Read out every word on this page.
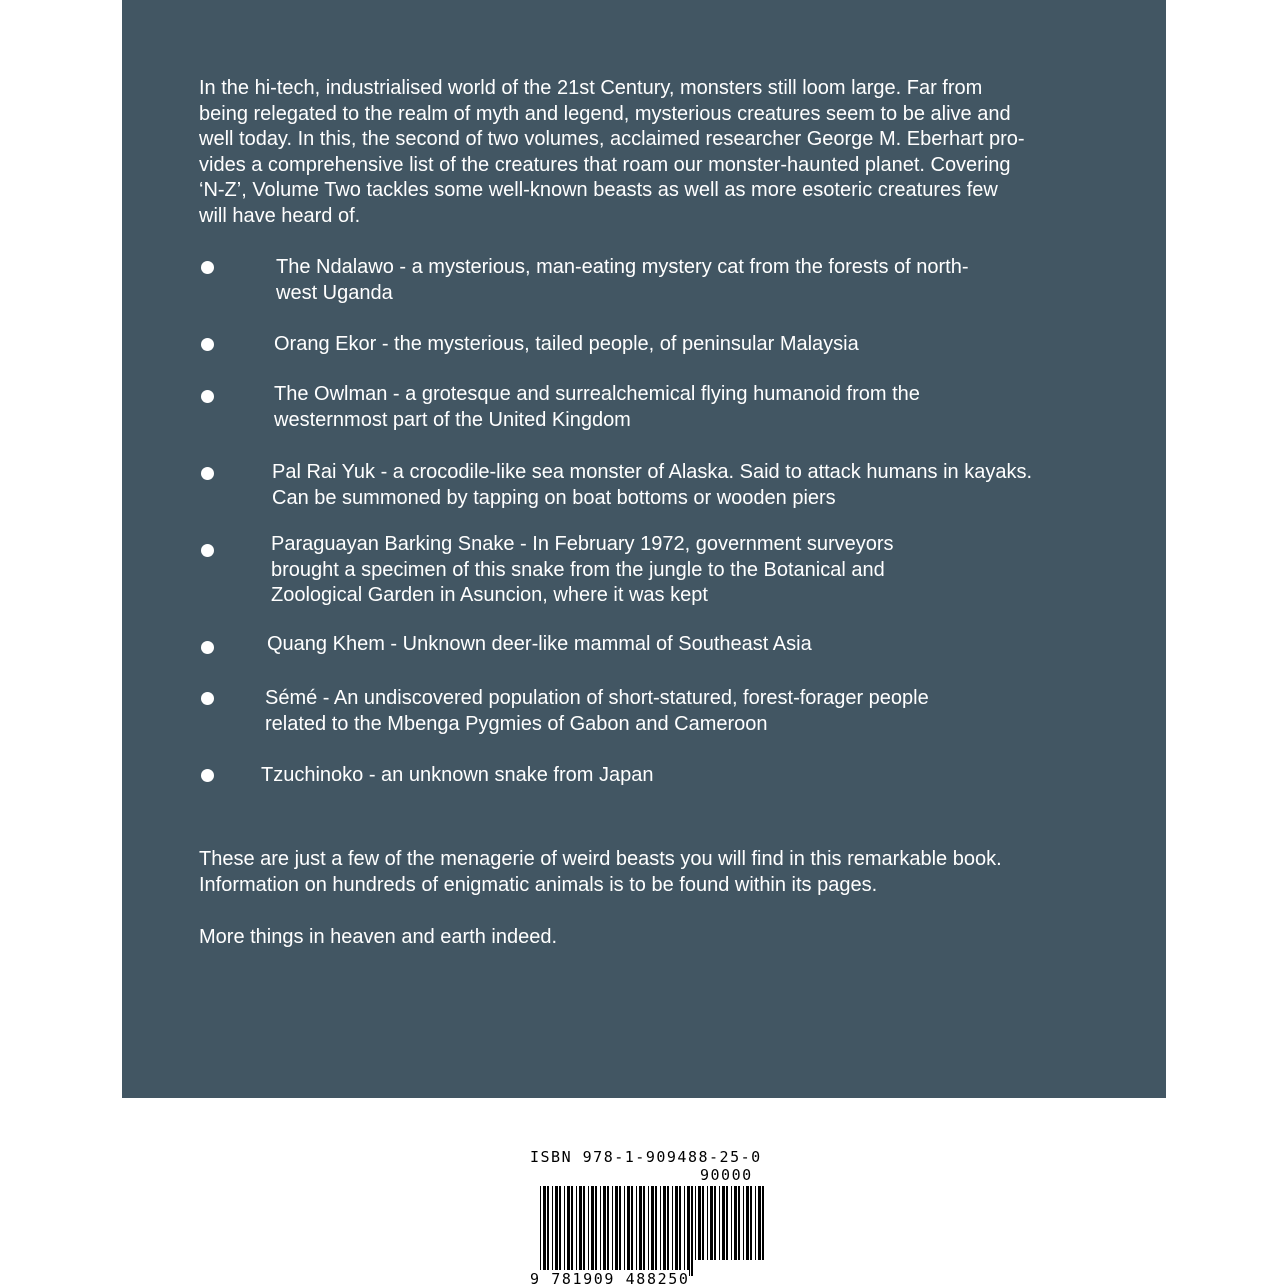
In the hi-tech, industrialised world of the 21st Century, monsters still loom large. Far from
being relegated to the realm of myth and legend, mysterious creatures seem to be alive and
well today. In this, the second of two volumes, acclaimed researcher George M. Eberhart pro-
vides a comprehensive list of the creatures that roam our monster-haunted planet. Covering
‘N-Z’, Volume Two tackles some well-known beasts as well as more esoteric creatures few
will have heard of.
The Ndalawo - a mysterious, man-eating mystery cat from the forests of north-
west Uganda
Orang Ekor - the mysterious, tailed people, of peninsular Malaysia
The Owlman - a grotesque and surrealchemical flying humanoid from the
westernmost part of the United Kingdom
Pal Rai Yuk - a crocodile-like sea monster of Alaska. Said to attack humans in kayaks.
Can be summoned by tapping on boat bottoms or wooden piers
Paraguayan Barking Snake - In February 1972, government surveyors
brought a specimen of this snake from the jungle to the Botanical and
Zoological Garden in Asuncion, where it was kept
Quang Khem - Unknown deer-like mammal of Southeast Asia
Sémé - An undiscovered population of short-statured, forest-forager people
related to the Mbenga Pygmies of Gabon and Cameroon
Tzuchinoko - an unknown snake from Japan
These are just a few of the menagerie of weird beasts you will find in this remarkable book.
Information on hundreds of enigmatic animals is to be found within its pages.
More things in heaven and earth indeed.
ISBN 978-1-909488-25-0
90000
9 781909 488250
